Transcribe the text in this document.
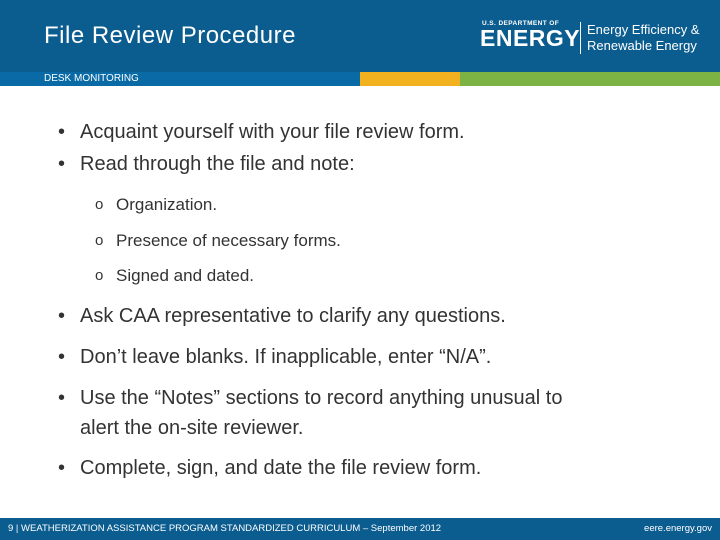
File Review Procedure	U.S. DEPARTMENT OF
ENERGY Energy Efficiency &
Renewable Energy
DESK MONITORING
• Acquaint yourself with your file review form.
• Read through the file and note:
o Organization.
o Presence of necessary forms.
o Signed and dated.
• Ask CAA representative to clarify any questions.
• Don’t leave blanks. If inapplicable, enter “N/A”.
• Use the “Notes” sections to record anything unusual to
alert the on-site reviewer.
• Complete, sign, and date the file review form.
9 | WEATHERIZATION ASSISTANCE PROGRAM STANDARDIZED CURRICULUM – September 2012	eere.energy.gov
